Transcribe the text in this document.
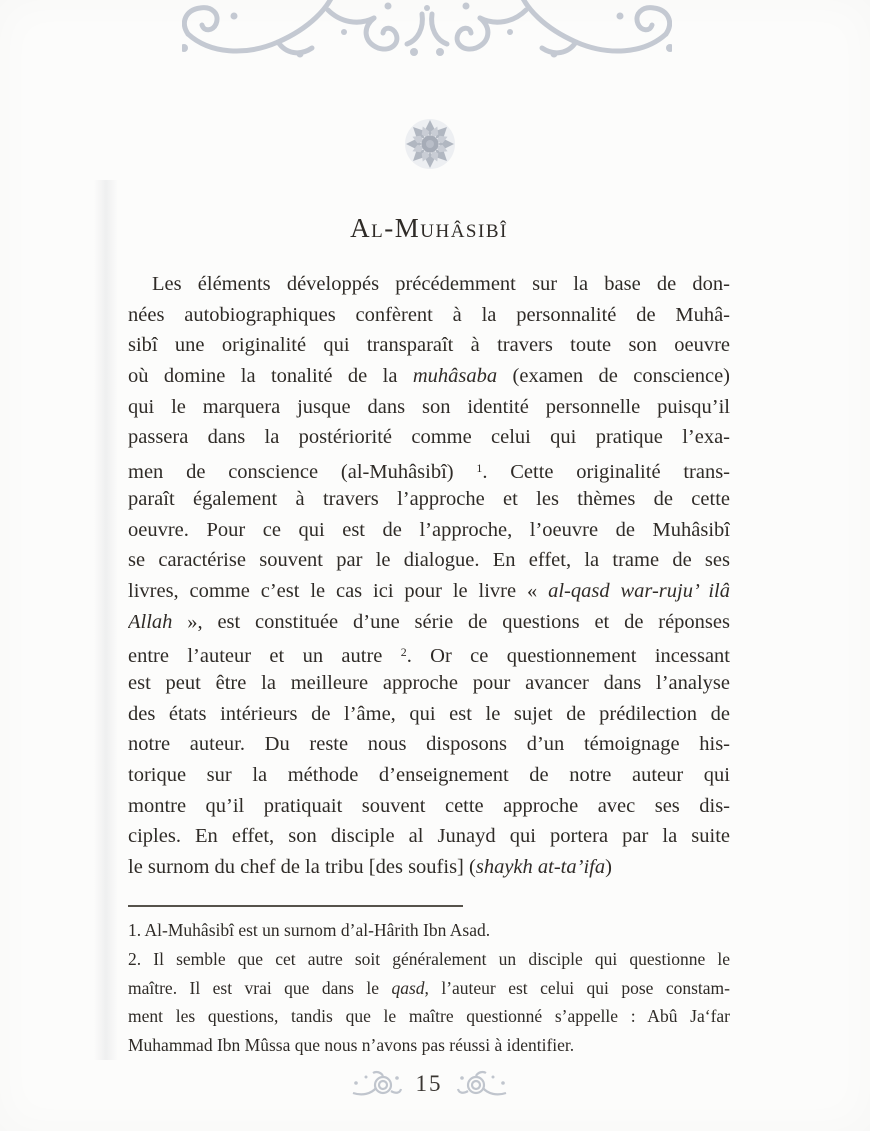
Al-Muhâsibî
Les éléments développés précédemment sur la base de don-
nées autobiographiques confèrent à la personnalité de Muhâ-
sibî une originalité qui transparaît à travers toute son oeuvre
où domine la tonalité de la muhâsaba (examen de conscience)
qui le marquera jusque dans son identité personnelle puisqu’il
passera dans la postériorité comme celui qui pratique l’exa-
men de conscience (al-Muhâsibî) $^1$. Cette originalité trans-
paraît également à travers l’approche et les thèmes de cette
oeuvre. Pour ce qui est de l’approche, l’oeuvre de Muhâsibî
se caractérise souvent par le dialogue. En effet, la trame de ses
livres, comme c’est le cas ici pour le livre « al-qasd war-ruju’ ilâ
Allah », est constituée d’une série de questions et de réponses
entre l’auteur et un autre $^2$. Or ce questionnement incessant
est peut être la meilleure approche pour avancer dans l’analyse
des états intérieurs de l’âme, qui est le sujet de prédilection de
notre auteur. Du reste nous disposons d’un témoignage his-
torique sur la méthode d’enseignement de notre auteur qui
montre qu’il pratiquait souvent cette approche avec ses dis-
ciples. En effet, son disciple al Junayd qui portera par la suite
le surnom du chef de la tribu [des soufis] (shaykh at-ta’ifa)
1. Al-Muhâsibî est un surnom d’al-Hârith Ibn Asad.
2. Il semble que cet autre soit généralement un disciple qui questionne le
maître. Il est vrai que dans le qasd, l’auteur est celui qui pose constam-
ment les questions, tandis que le maître questionné s’appelle : Abû Ja‘far
Muhammad Ibn Mûssa que nous n’avons pas réussi à identifier.
15
